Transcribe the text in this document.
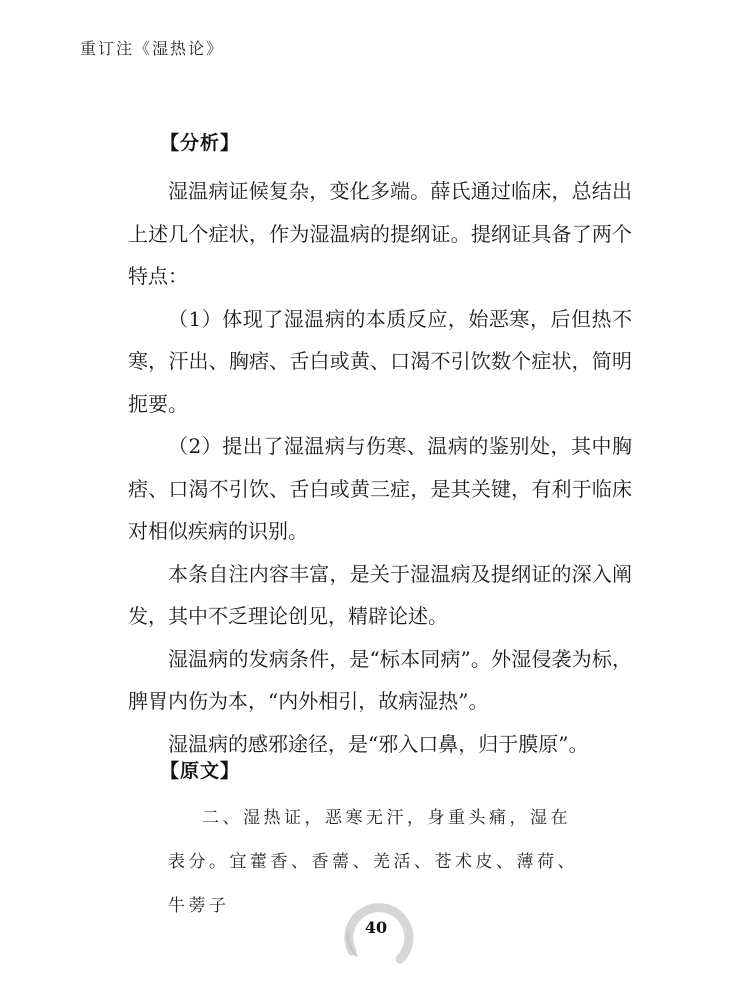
重订注《湿热论》
【分析】

湿温病证候复杂，变化多端。薛氏通过临床，总结出上述几个症状，作为湿温病的提纲证。提纲证具备了两个特点：

（1）体现了湿温病的本质反应，始恶寒，后但热不寒，汗出、胸痞、舌白或黄、口渴不引饮数个症状，简明扼要。

（2）提出了湿温病与伤寒、温病的鉴别处，其中胸痞、口渴不引饮、舌白或黄三症，是其关键，有利于临床对相似疾病的识别。

本条自注内容丰富，是关于湿温病及提纲证的深入阐发，其中不乏理论创见，精辟论述。

湿温病的发病条件，是“标本同病”。外湿侵袭为标，脾胃内伤为本，“内外相引，故病湿热”。

湿温病的感邪途径，是“邪入口鼻，归于膜原”。

【原文】

二、湿热证，恶寒无汗，身重头痛，湿在表分。宜藿香、香薷、羌活、苍术皮、薄荷、牛蒡子

40
